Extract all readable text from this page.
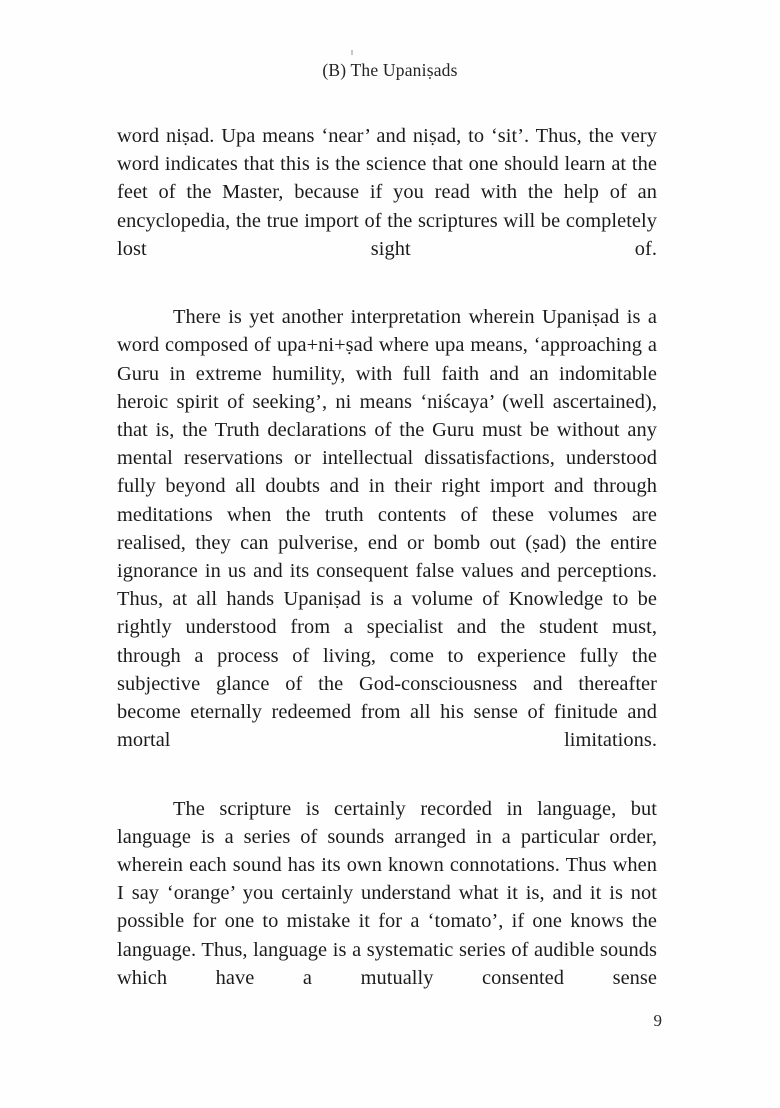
(B) The Upaniṣads

word niṣad. Upa means ‘near’ and niṣad, to ‘sit’. Thus, the very word indicates that this is the science that one should learn at the feet of the Master, because if you read with the help of an encyclopedia, the true import of the scriptures will be completely lost sight of.

There is yet another interpretation wherein Upaniṣad is a word composed of upa+ni+ṣad where upa means, ‘approaching a Guru in extreme humility, with full faith and an indomitable heroic spirit of seeking’, ni means ‘niścaya’ (well ascertained), that is, the Truth declarations of the Guru must be without any mental reservations or intellectual dissatisfactions, understood fully beyond all doubts and in their right import and through meditations when the truth contents of these volumes are realised, they can pulverise, end or bomb out (ṣad) the entire ignorance in us and its consequent false values and perceptions. Thus, at all hands Upaniṣad is a volume of Knowledge to be rightly understood from a specialist and the student must, through a process of living, come to experience fully the subjective glance of the God-consciousness and thereafter become eternally redeemed from all his sense of finitude and mortal limitations.

The scripture is certainly recorded in language, but language is a series of sounds arranged in a particular order, wherein each sound has its own known connotations. Thus when I say ‘orange’ you certainly understand what it is, and it is not possible for one to mistake it for a ‘tomato’, if one knows the language. Thus, language is a systematic series of audible sounds which have a mutually consented sense

9
